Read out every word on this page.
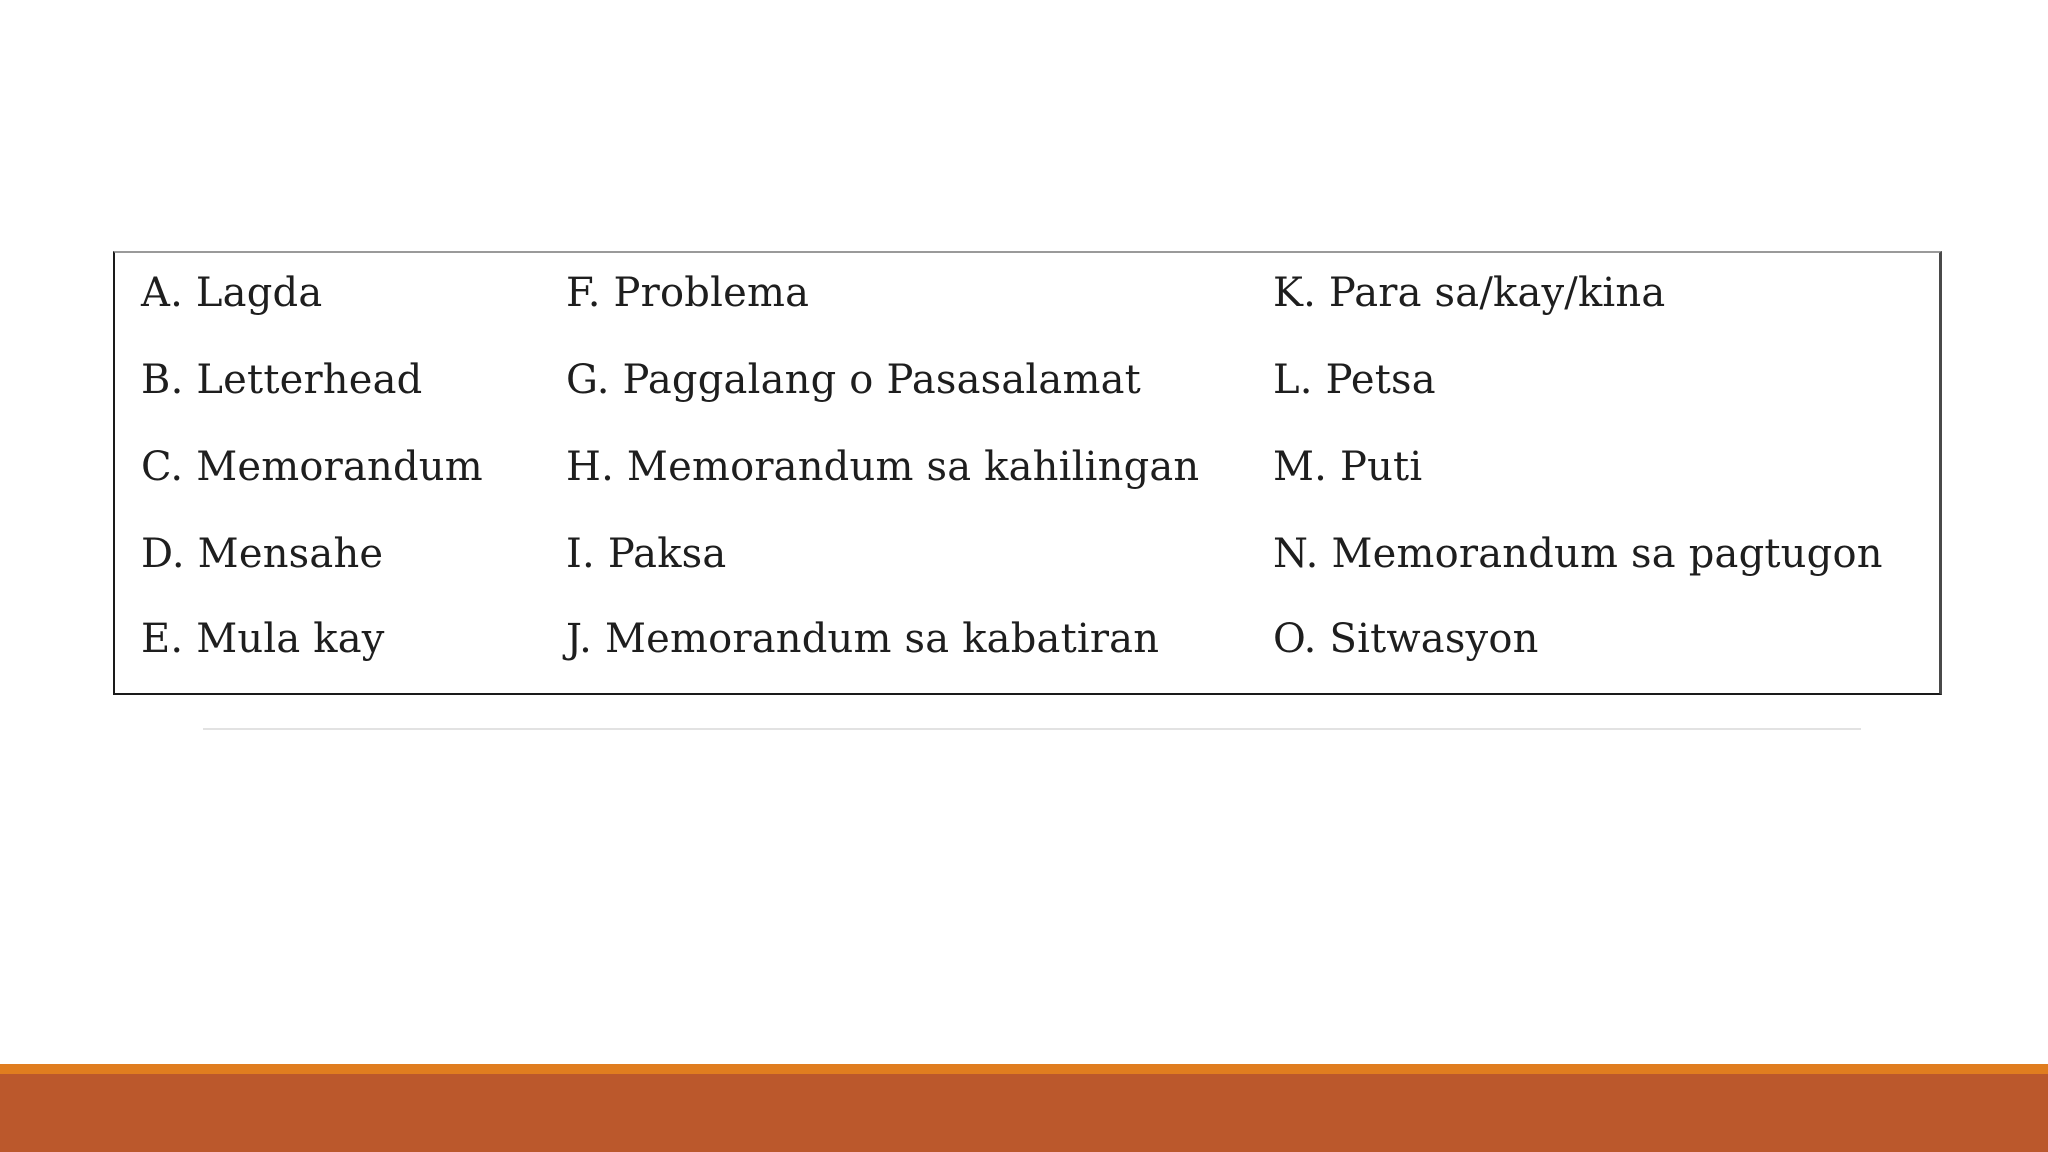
A. Lagda
B. Letterhead
C. Memorandum
D. Mensahe
E. Mula kay
F. Problema
G. Paggalang o Pasasalamat
H. Memorandum sa kahilingan
I. Paksa
J. Memorandum sa kabatiran
K. Para sa/kay/kina
L. Petsa
M. Puti
N. Memorandum sa pagtugon
O. Sitwasyon
